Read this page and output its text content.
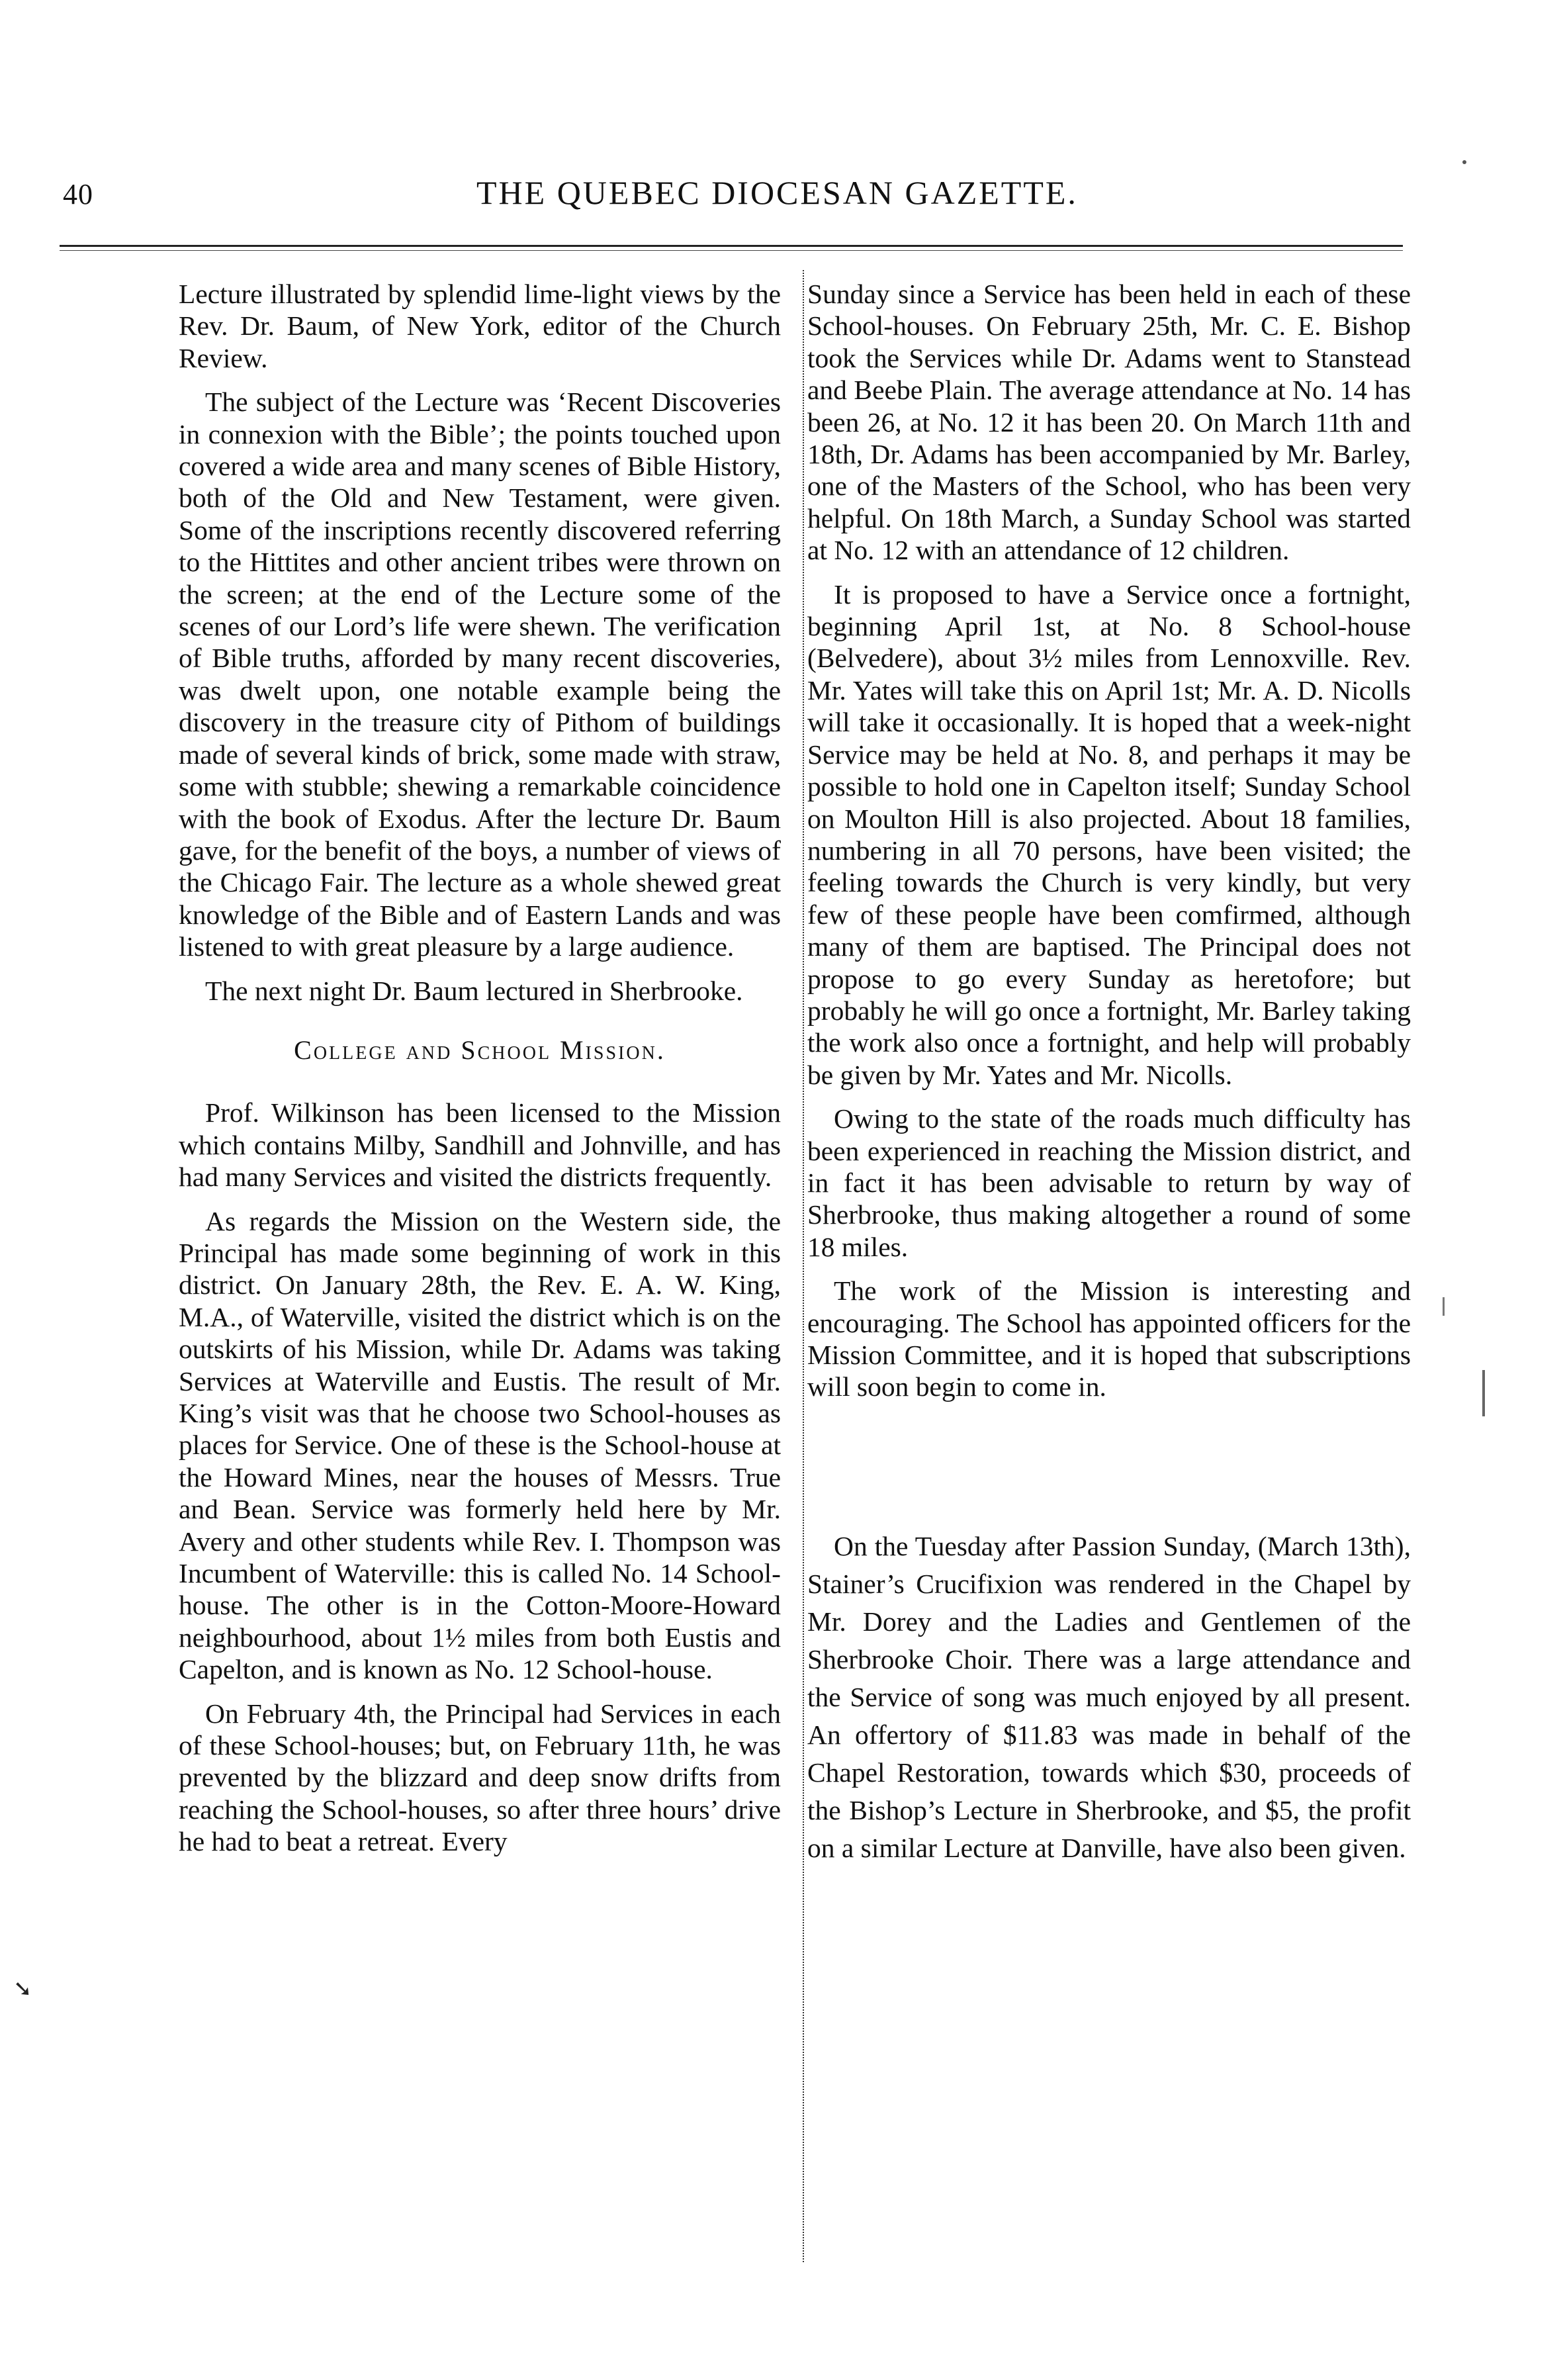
40	THE QUEBEC DIOCESAN GAZETTE.

Lecture illustrated by splendid lime-light views by the Rev. Dr. Baum, of New York, editor of the Church Review.

The subject of the Lecture was ‘Recent Discoveries in connexion with the Bible’; the points touched upon covered a wide area and many scenes of Bible History, both of the Old and New Testament, were given. Some of the inscriptions recently discovered referring to the Hittites and other ancient tribes were thrown on the screen; at the end of the Lecture some of the scenes of our Lord’s life were shewn. The verification of Bible truths, afforded by many recent discoveries, was dwelt upon, one notable example being the discovery in the treasure city of Pithom of buildings made of several kinds of brick, some made with straw, some with stubble; shewing a remarkable coincidence with the book of Exodus. After the lecture Dr. Baum gave, for the benefit of the boys, a number of views of the Chicago Fair. The lecture as a whole shewed great knowledge of the Bible and of Eastern Lands and was listened to with great pleasure by a large audience.

The next night Dr. Baum lectured in Sherbrooke.

College and School Mission.

Prof. Wilkinson has been licensed to the Mission which contains Milby, Sandhill and Johnville, and has had many Services and visited the districts frequently.

As regards the Mission on the Western side, the Principal has made some beginning of work in this district. On January 28th, the Rev. E. A. W. King, M.A., of Waterville, visited the district which is on the outskirts of his Mission, while Dr. Adams was taking Services at Waterville and Eustis. The result of Mr. King’s visit was that he choose two School-houses as places for Service. One of these is the School-house at the Howard Mines, near the houses of Messrs. True and Bean. Service was formerly held here by Mr. Avery and other students while Rev. I. Thompson was Incumbent of Waterville: this is called No. 14 School-house. The other is in the Cotton-Moore-Howard neighbourhood, about 1½ miles from both Eustis and Capelton, and is known as No. 12 School-house.

On February 4th, the Principal had Services in each of these School-houses; but, on February 11th, he was prevented by the blizzard and deep snow drifts from reaching the School-houses, so after three hours’ drive he had to beat a retreat. Every

Sunday since a Service has been held in each of these School-houses. On February 25th, Mr. C. E. Bishop took the Services while Dr. Adams went to Stanstead and Beebe Plain. The average attendance at No. 14 has been 26, at No. 12 it has been 20. On March 11th and 18th, Dr. Adams has been accompanied by Mr. Barley, one of the Masters of the School, who has been very helpful. On 18th March, a Sunday School was started at No. 12 with an attendance of 12 children.

It is proposed to have a Service once a fortnight, beginning April 1st, at No. 8 School-house (Belvedere), about 3½ miles from Lennoxville. Rev. Mr. Yates will take this on April 1st; Mr. A. D. Nicolls will take it occasionally. It is hoped that a week-night Service may be held at No. 8, and perhaps it may be possible to hold one in Capelton itself; Sunday School on Moulton Hill is also projected. About 18 families, numbering in all 70 persons, have been visited; the feeling towards the Church is very kindly, but very few of these people have been comfirmed, although many of them are baptised. The Principal does not propose to go every Sunday as heretofore; but probably he will go once a fortnight, Mr. Barley taking the work also once a fortnight, and help will probably be given by Mr. Yates and Mr. Nicolls.

Owing to the state of the roads much difficulty has been experienced in reaching the Mission district, and in fact it has been advisable to return by way of Sherbrooke, thus making altogether a round of some 18 miles.

The work of the Mission is interesting and encouraging. The School has appointed officers for the Mission Committee, and it is hoped that subscriptions will soon begin to come in.

On the Tuesday after Passion Sunday, (March 13th), Stainer’s Crucifixion was rendered in the Chapel by Mr. Dorey and the Ladies and Gentlemen of the Sherbrooke Choir. There was a large attendance and the Service of song was much enjoyed by all present. An offertory of $11.83 was made in behalf of the Chapel Restoration, towards which $30, proceeds of the Bishop’s Lecture in Sherbrooke, and $5, the profit on a similar Lecture at Danville, have also been given.

➘
